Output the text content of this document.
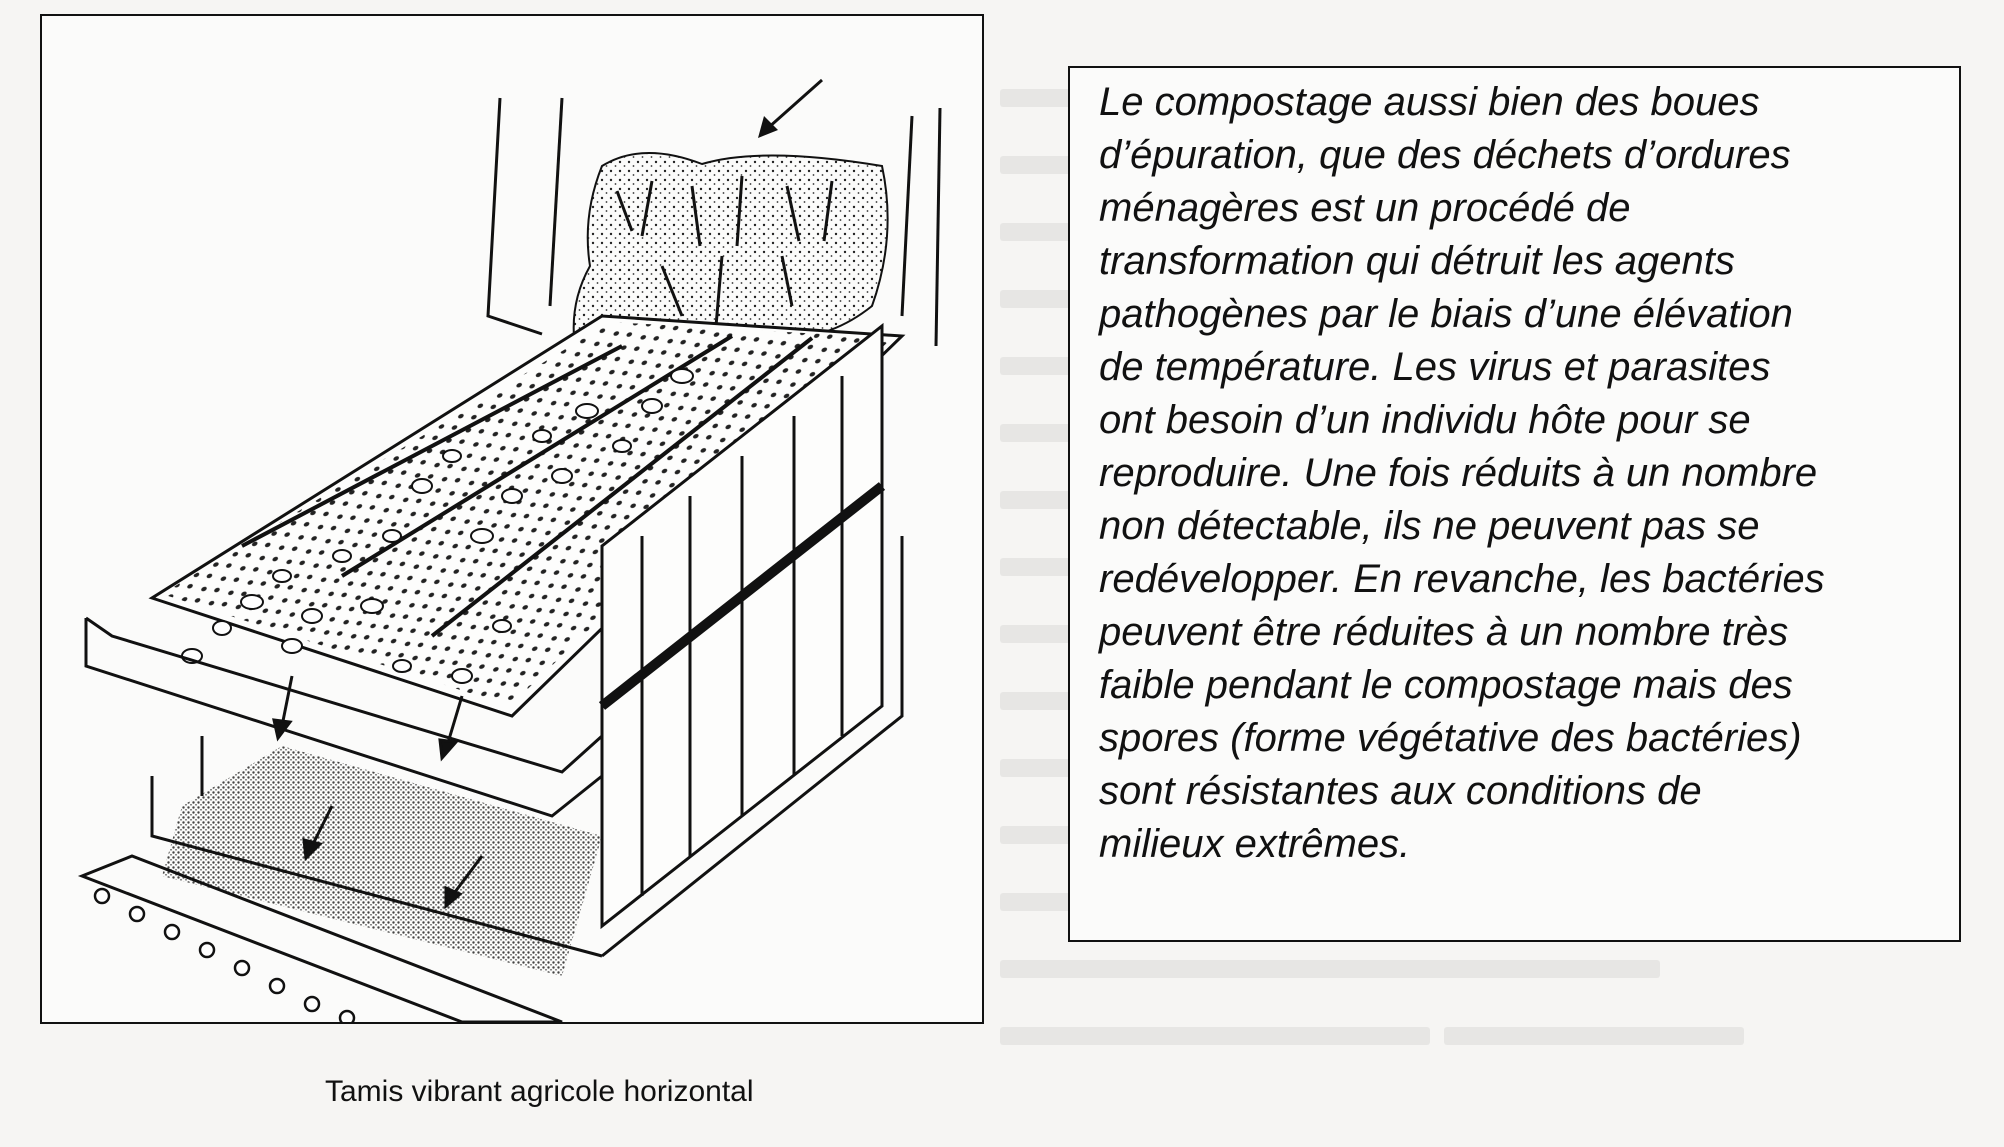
Tamis vibrant agricole horizontal

Le compostage aussi bien des boues

d’épuration, que des déchets d’ordures

ménagères est un procédé de

transformation qui détruit les agents

pathogènes par le biais d’une élévation

de température. Les virus et parasites

ont besoin d’un individu hôte pour se

reproduire. Une fois réduits à un nombre

non détectable, ils ne peuvent pas se

redévelopper. En revanche, les bactéries

peuvent être réduites à un nombre très

faible pendant le compostage mais des

spores (forme végétative des bactéries)

sont résistantes aux conditions de

milieux extrêmes.
